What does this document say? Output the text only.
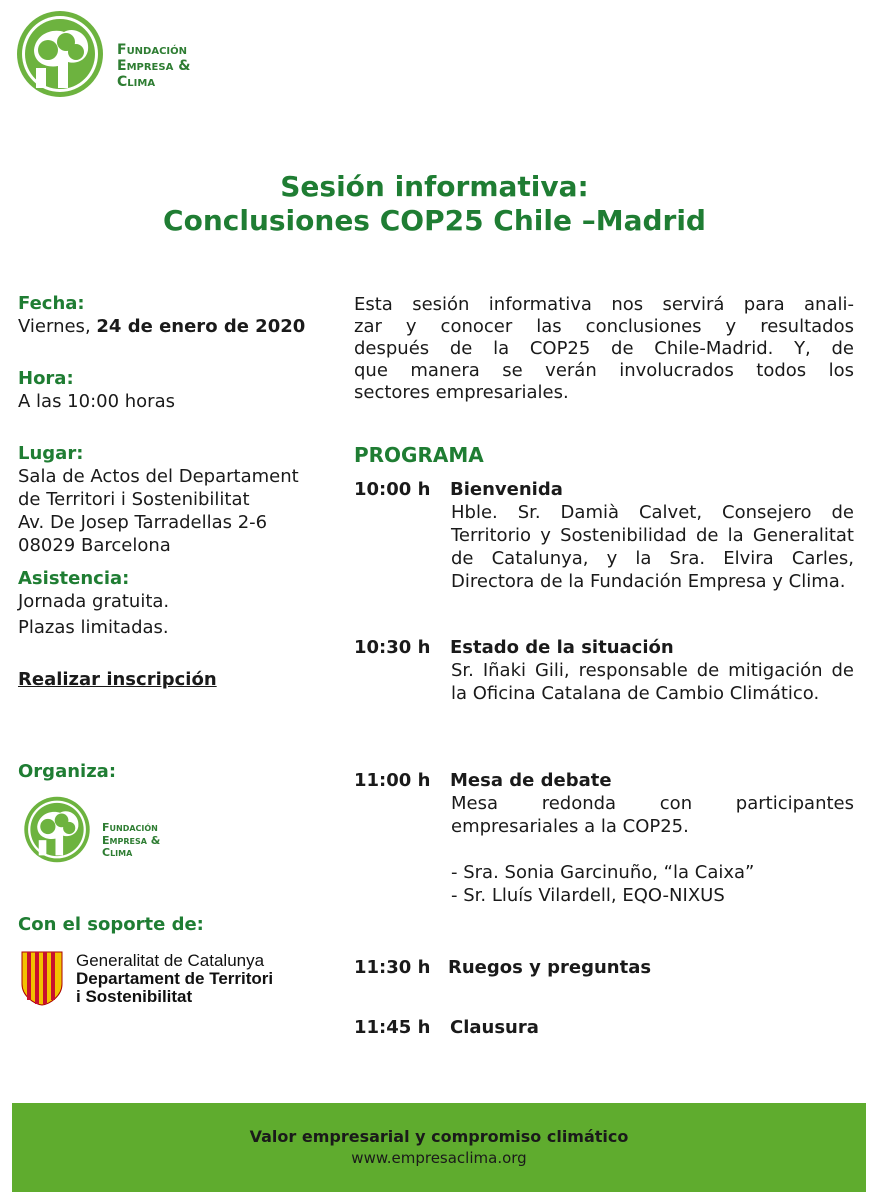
Fundación
Empresa &
Clima
Sesión informativa:
Conclusiones COP25 Chile –Madrid

Fecha:

Viernes, 24 de enero de 2020

Hora:

A las 10:00 horas

Lugar:

Sala de Actos del Departament

de Territori i Sostenibilitat

Av. De Josep Tarradellas 2-6

08029 Barcelona

Asistencia:

Jornada gratuita.

Plazas limitadas.

Realizar inscripción

Organiza:
Fundación
Empresa &
Clima
Con el soporte de:
Generalitat de Catalunya
Departament de Territori
i Sostenibilitat

Esta sesión informativa nos servirá para anali-

zar y conocer las conclusiones y resultados

después de la COP25 de Chile-Madrid. Y, de

que manera se verán involucrados todos los

sectores empresariales.

PROGRAMA
10:00 h Bienvenida
Hble. Sr. Damià Calvet, Consejero de Territorio y Sostenibilidad de la Generalitat de Catalunya, y la Sra. Elvira Carles, Directora de la Fundación Empresa y Clima.
10:30 h Estado de la situación
Sr. Iñaki Gili, responsable de mitigación de la Oficina Catalana de Cambio Climático.
11:00 h Mesa de debate
Mesa redonda con participantes empresariales a la COP25.
- Sra. Sonia Garcinuño, “la Caixa”
- Sr. Lluís Vilardell, EQO-NIXUS
11:30 h Ruegos y preguntas
11:45 h Clausura
Valor empresarial y compromiso climático
www.empresaclima.org
